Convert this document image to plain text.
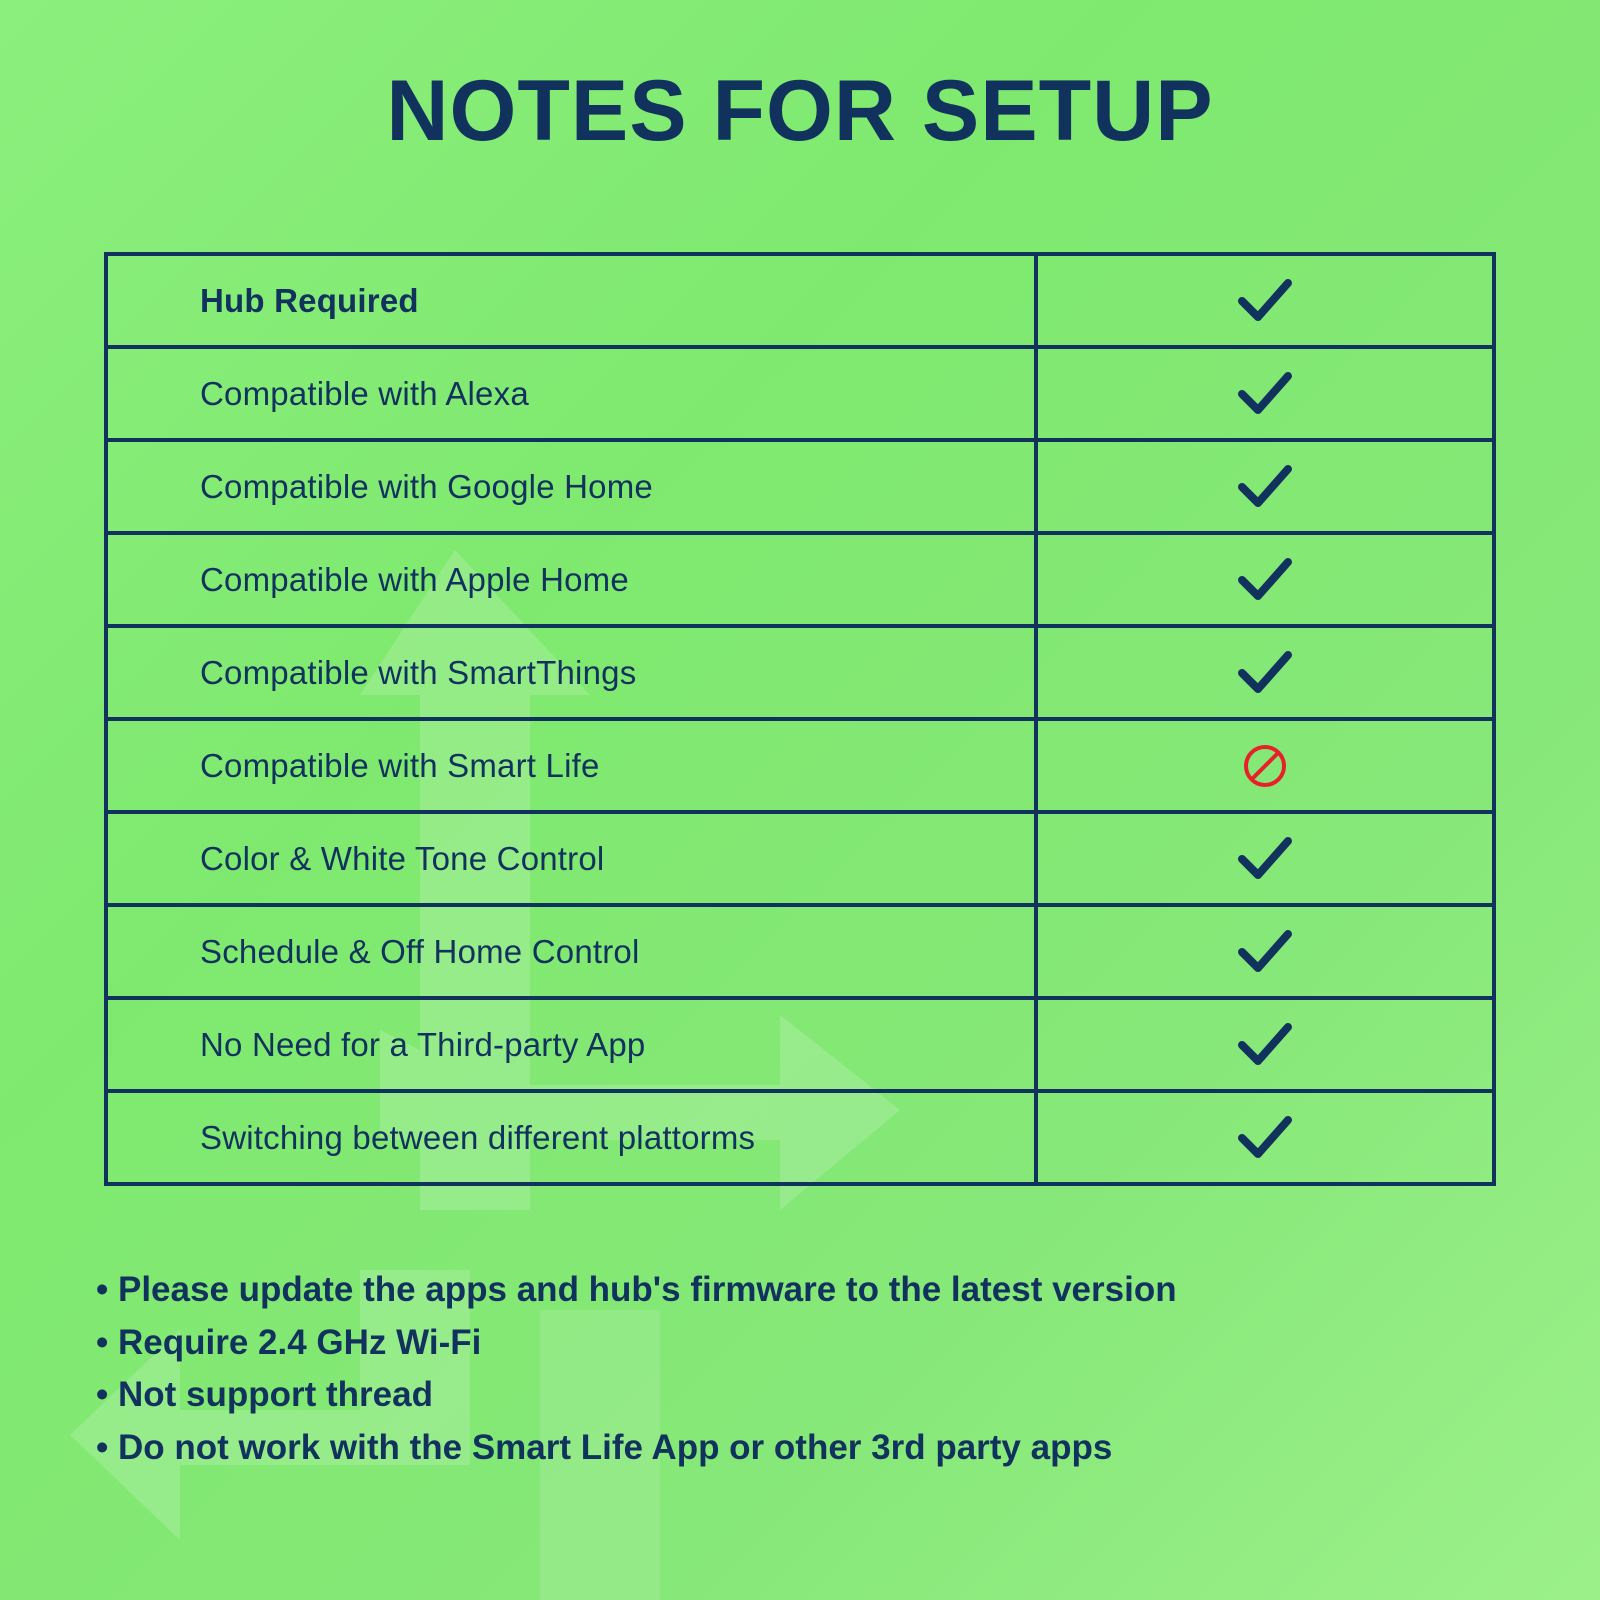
NOTES FOR SETUP
Hub Required
Compatible with Alexa
Compatible with Google Home
Compatible with Apple Home
Compatible with SmartThings
Compatible with Smart Life
Color & White Tone Control
Schedule & Off Home Control
No Need for a Third-party App
Switching between different plattorms
• Please update the apps and hub's firmware to the latest version
• Require 2.4 GHz Wi-Fi
• Not support thread
• Do not work with the Smart Life App or other 3rd party apps
